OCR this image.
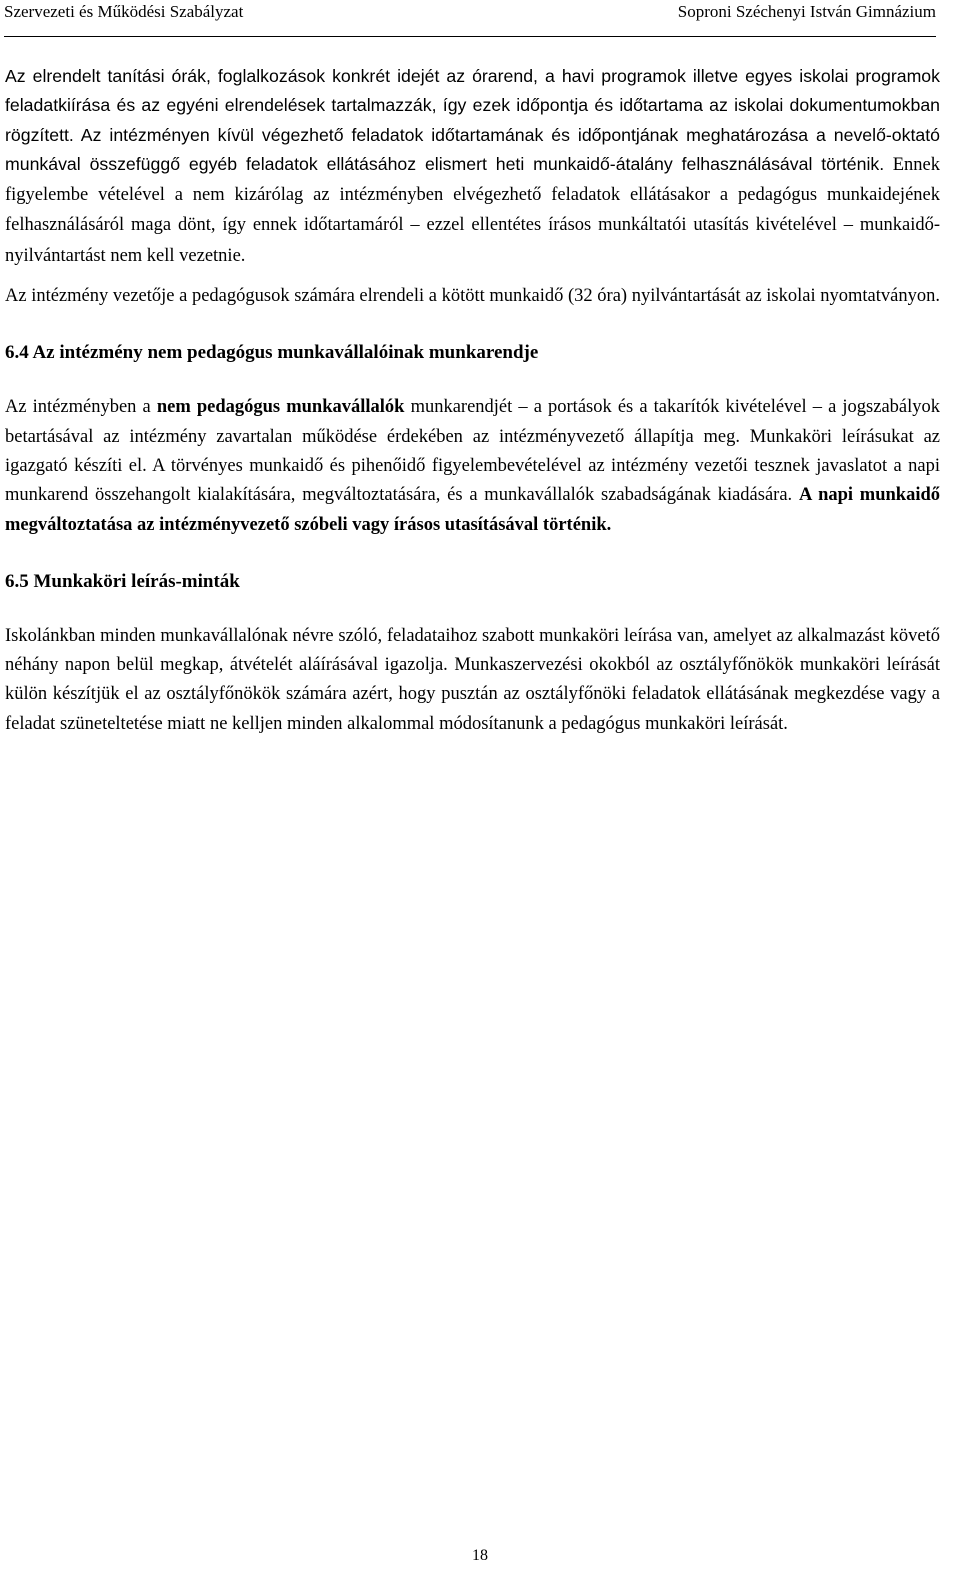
Szervezeti és Működési Szabályzat	Soproni Széchenyi István Gimnázium

Az elrendelt tanítási órák, foglalkozások konkrét idejét az órarend, a havi programok illetve egyes iskolai programok feladatkiírása és az egyéni elrendelések tartalmazzák, így ezek időpontja és időtartama az iskolai dokumentumokban rögzített. Az intézményen kívül végezhető feladatok időtartamának és időpontjának meghatározása a nevelő-oktató munkával összefüggő egyéb feladatok ellátásához elismert heti munkaidő-átalány felhasználásával történik. Ennek figyelembe vételével a nem kizárólag az intézményben elvégezhető feladatok ellátásakor a pedagógus munkaidejének felhasználásáról maga dönt, így ennek időtartamáról ‒ ezzel ellentétes írásos munkáltatói utasítás kivételével ‒ munkaidő-nyilvántartást nem kell vezetnie.

Az intézmény vezetője a pedagógusok számára elrendeli a kötött munkaidő (32 óra) nyilvántartását az iskolai nyomtatványon.

6.4 Az intézmény nem pedagógus munkavállalóinak munkarendje

Az intézményben a nem pedagógus munkavállalók munkarendjét ‒ a portások és a takarítók kivételével ‒ a jogszabályok betartásával az intézmény zavartalan működése érdekében az intézményvezető állapítja meg. Munkaköri leírásukat az igazgató készíti el. A törvényes munkaidő és pihenőidő figyelembevételével az intézmény vezetői tesznek javaslatot a napi munkarend összehangolt kialakítására, megváltoztatására, és a munkavállalók szabadságának kiadására. A napi munkaidő megváltoztatása az intézményvezető szóbeli vagy írásos utasításával történik.

6.5 Munkaköri leírás-minták

Iskolánkban minden munkavállalónak névre szóló, feladataihoz szabott munkaköri leírása van, amelyet az alkalmazást követő néhány napon belül megkap, átvételét aláírásával igazolja. Munkaszervezési okokból az osztályfőnökök munkaköri leírását külön készítjük el az osztályfőnökök számára azért, hogy pusztán az osztályfőnöki feladatok ellátásának megkezdése vagy a feladat szüneteltetése miatt ne kelljen minden alkalommal módosítanunk a pedagógus munkaköri leírását.

18
